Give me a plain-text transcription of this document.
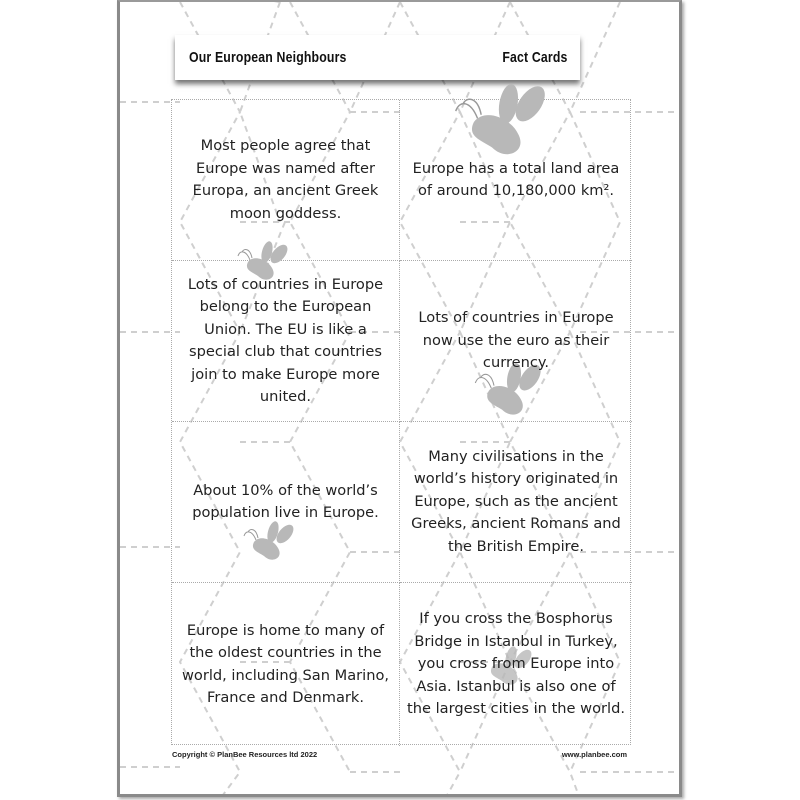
Our European Neighbours	Fact Cards

Most people agree that Europe was named after Europa, an ancient Greek moon goddess.

Europe has a total land area of around 10,180,000 km².

Lots of countries in Europe belong to the European Union. The EU is like a special club that countries join to make Europe more united.

Lots of countries in Europe now use the euro as their currency.

About 10% of the world’s population live in Europe.

Many civilisations in the world’s history originated in Europe, such as the ancient Greeks, ancient Romans and the British Empire.

Europe is home to many of the oldest countries in the world, including San Marino, France and Denmark.

If you cross the Bosphorus Bridge in Istanbul in Turkey, you cross from Europe into Asia. Istanbul is also one of the largest cities in the world.

Copyright © PlanBee Resources ltd 2022	www.planbee.com
